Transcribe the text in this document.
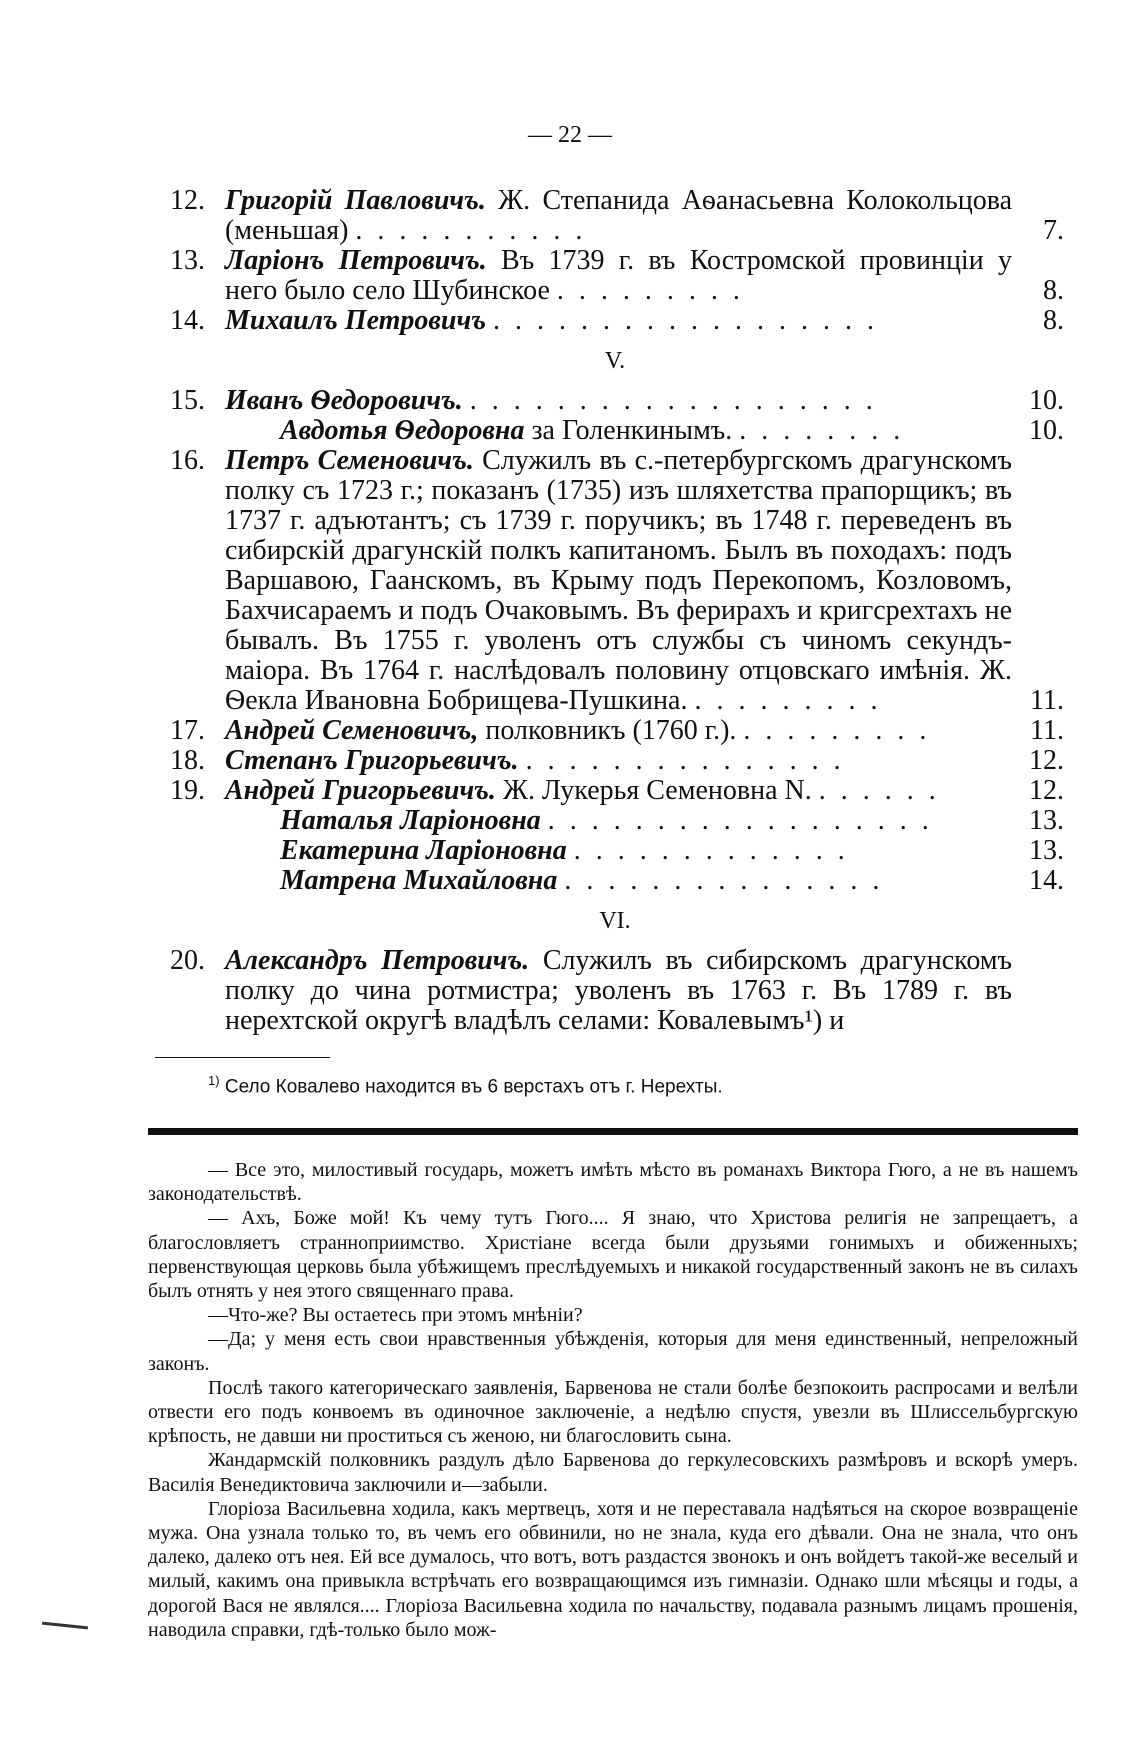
— 22 —
12. Григорій Павловичъ. Ж. Степанида Аѳанасьевна Колокольцова (меньшая) . . . . . . . . . . .	7.
13. Ларіонъ Петровичъ. Въ 1739 г. въ Костромской провинціи у него было село Шубинское . . . . . . . . .	8.
14. Михаилъ Петровичъ . . . . . . . . . . . . . . . . . .	8.
V.
15. Иванъ Ѳедоровичъ. . . . . . . . . . . . . . . . . . . .	10.
Авдотья Ѳедоровна за Голенкинымъ. . . . . . . . .	10.
16. Петръ Семеновичъ. Служилъ въ с.-петербургскомъ драгунскомъ полку съ 1723 г.; показанъ (1735) изъ шляхетства прапорщикъ; въ 1737 г. адъютантъ; съ 1739 г. поручикъ; въ 1748 г. переведенъ въ сибирскій драгунскій полкъ капитаномъ. Былъ въ походахъ: подъ Варшавою, Гаанскомъ, въ Крыму подъ Перекопомъ, Козловомъ, Бахчисараемъ и подъ Очаковымъ. Въ ферирахъ и кригсрехтахъ не бывалъ. Въ 1755 г. уволенъ отъ службы съ чиномъ секундъ-маіора. Въ 1764 г. наслѣдовалъ половину отцовскаго имѣнія. Ж. Ѳекла Ивановна Бобрищева-Пушкина. . . . . . . . . .	11.
17. Андрей Семеновичъ, полковникъ (1760 г.). . . . . . . . . .	11.
18. Степанъ Григорьевичъ. . . . . . . . . . . . . . . .	12.
19. Андрей Григорьевичъ. Ж. Лукерья Семеновна N. . . . . . .	12.
Наталья Ларіоновна . . . . . . . . . . . . . . . . . .	13.
Екатерина Ларіоновна . . . . . . . . . . . . .	13.
Матрена Михайловна . . . . . . . . . . . . . . .	14.
VI.
20. Александръ Петровичъ. Служилъ въ сибирскомъ драгунскомъ полку до чина ротмистра; уволенъ въ 1763 г. Въ 1789 г. въ нерехтской округѣ владѣлъ селами: Ковалевымъ¹) и
$^{1)}$ Село Ковалево находится въ 6 верстахъ отъ г. Нерехты.

— Все это, милостивый государь, можетъ имѣть мѣсто въ романахъ Виктора Гюго, а не въ нашемъ законодательствѣ.

— Ахъ, Боже мой! Къ чему тутъ Гюго.... Я знаю, что Христова религія не запрещаетъ, а благословляетъ странноприимство. Христiане всегда были друзьями гонимыхъ и обиженныхъ; первенствующая церковь была убѣжищемъ преслѣдуемыхъ и никакой государственный законъ не въ силахъ былъ отнять у нея этого священнаго права.

—Что-же? Вы остаетесь при этомъ мнѣніи?

—Да; у меня есть свои нравственныя убѣжденія, которыя для меня единственный, непреложный законъ.

Послѣ такого категорическаго заявленія, Барвенова не стали болѣе безпокоить распросами и велѣли отвести его подъ конвоемъ въ одиночное заключеніе, а недѣлю спустя, увезли въ Шлиссельбургскую крѣпость, не давши ни проститься съ женою, ни благословить сына.

Жандармскій полковникъ раздулъ дѣло Барвенова до геркулесовскихъ размѣровъ и вскорѣ умеръ. Василія Венедиктовича заключили и—забыли.

Глоріоза Васильевна ходила, какъ мертвецъ, хотя и не переставала надѣяться на скорое возвращеніе мужа. Она узнала только то, въ чемъ его обвинили, но не знала, куда его дѣвали. Она не знала, что онъ далеко, далеко отъ нея. Ей все думалось, что вотъ, вотъ раздастся звонокъ и онъ войдетъ такой-же веселый и милый, какимъ она привыкла встрѣчать его возвращающимся изъ гимназіи. Однако шли мѣсяцы и годы, а дорогой Вася не являлся.... Глоріоза Васильевна ходила по начальству, подавала разнымъ лицамъ прошенія, наводила справки, гдѣ-только было мож-
